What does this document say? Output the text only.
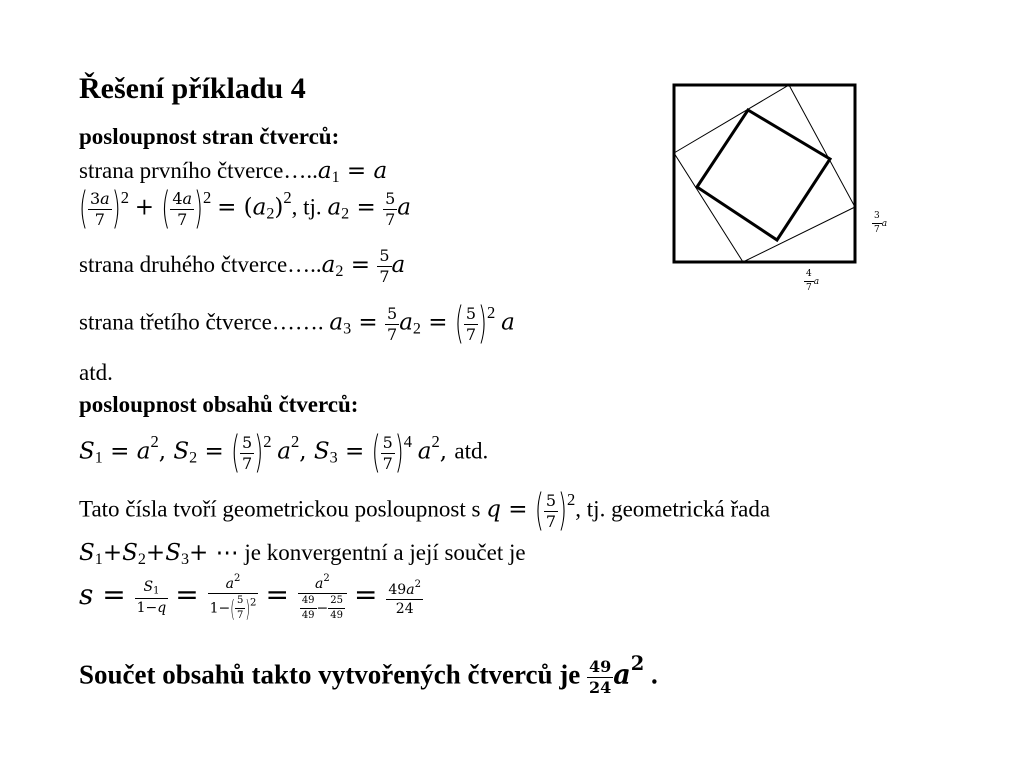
Řešení příkladu 4
posloupnost stran čtverců:
strana prvního $čtverce\dots..a_1 = a$
( $\frac{3a}{7} )^2$ + ( $\frac{4a}{7} )^2 = (a_2)^2$, tj. $a_2 = \frac{5}{7}$ a
strana druhého $čtverce\dots..a_2 = \frac{5}{7}$ a
strana třetího čtverce……. $a_3 = \frac{5}{7} a_2$ = ( $\frac{5}{7} )^2$ a
atd.
posloupnost obsahů čtverců:
$S_1 = a^2$, $S_2$ = ( $\frac{5}{7} )^2$ $a^2$, $S_3$ = ( $\frac{5}{7} )^4$ $a^2$, atd.
Tato čísla tvoří geometrickou posloupnost s q = ( $\frac{5}{7} )^2$, tj. geometrická řada
$S_1+S_2+S_3+$ ⋯ je konvergentní a její součet je
$s = \frac{S_1}{1-q} = \frac{a^2}{1-( \frac{5}{7} )^2} = \frac{a^2}{\frac{49}{49} - \frac{25}{49}} = \frac{49a^2}{24}$
Součet obsahů takto vytvořených čtverců je $\frac{49}{24} a^2$ .
$\frac{3}{7}$ a
$\frac{4}{7}$ a
